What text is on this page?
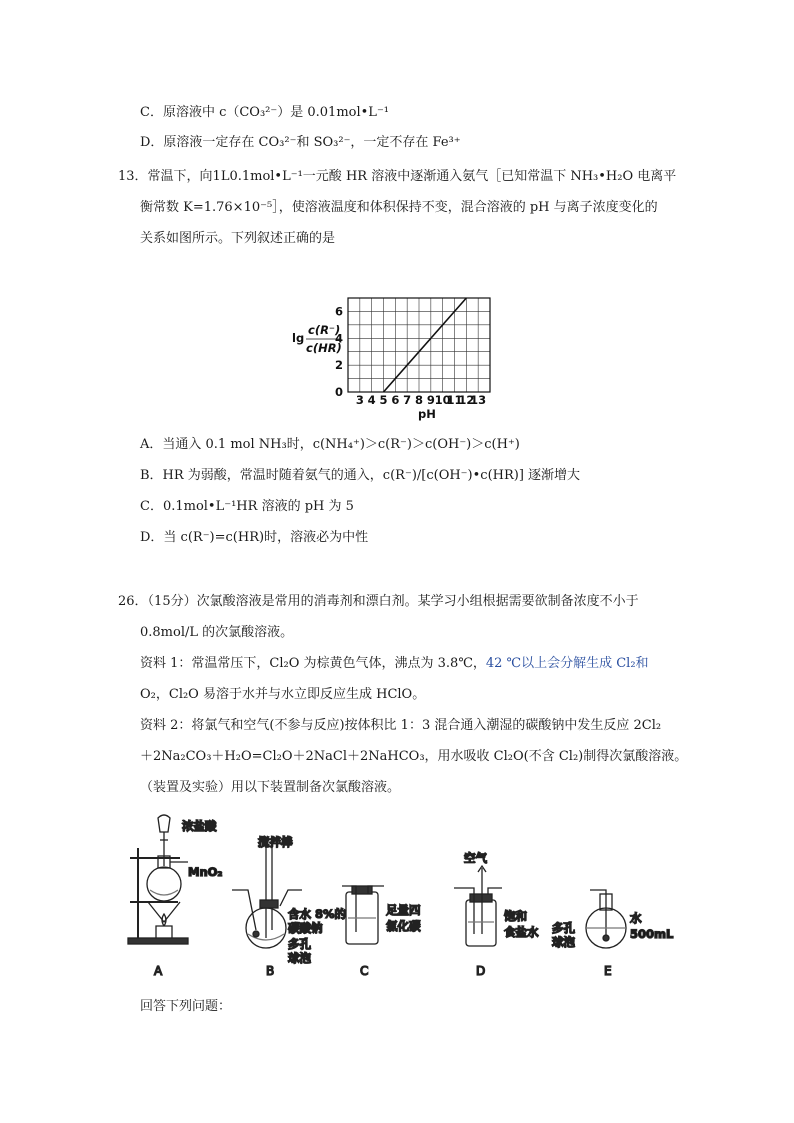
C．原溶液中 c（CO₃²⁻）是 0.01mol•L⁻¹
D．原溶液一定存在 CO₃²⁻和 SO₃²⁻，一定不存在 Fe³⁺
13．常温下，向1L0.1mol•L⁻¹一元酸 HR 溶液中逐渐通入氨气［已知常温下 NH₃•H₂O 电离平
衡常数 K=1.76×10⁻⁵］，使溶液温度和体积保持不变，混合溶液的 pH 与离子浓度变化的
关系如图所示。下列叙述正确的是
3 4 5 6 7 8 9 10
11
12
13
0
2
4
6
lg
c(R⁻)
c(HR)
pH
A．当通入 0.1 mol NH₃时，c(NH₄⁺)＞c(R⁻)＞c(OH⁻)＞c(H⁺)
B．HR 为弱酸，常温时随着氨气的通入，c(R⁻)/[c(OH⁻)•c(HR)] 逐渐增大
C．0.1mol•L⁻¹HR 溶液的 pH 为 5
D．当 c(R⁻)=c(HR)时，溶液必为中性
26．（15分）次氯酸溶液是常用的消毒剂和漂白剂。某学习小组根据需要欲制备浓度不小于
0.8mol/L 的次氯酸溶液。
资料 1：常温常压下，Cl₂O 为棕黄色气体，沸点为 3.8℃，42 ℃以上会分解生成 Cl₂和
O₂，Cl₂O 易溶于水并与水立即反应生成 HClO。
资料 2：将氯气和空气(不参与反应)按体积比 1：3 混合通入潮湿的碳酸钠中发生反应 2Cl₂
＋2Na₂CO₃＋H₂O=Cl₂O＋2NaCl＋2NaHCO₃，用水吸收 Cl₂O(不含 Cl₂)制得次氯酸溶液。
（装置及实验）用以下装置制备次氯酸溶液。
浓盐酸
MnO₂
A
搅拌棒
含水 8%的
碳酸钠
多孔
球泡
B
足量四
氯化碳
C
空气
饱和
食盐水
D
多孔
球泡
水
500mL
E
回答下列问题：
